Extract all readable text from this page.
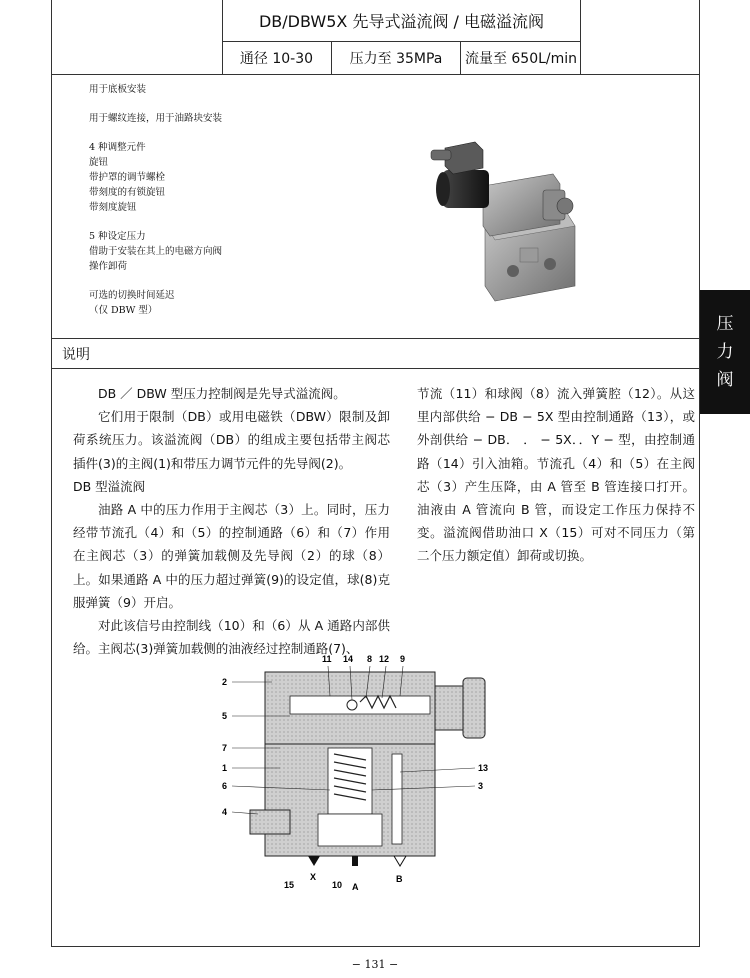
DB/DBW5X 先导式溢流阀 / 电磁溢流阀
通径 10-30	压力至 35MPa	流量至 650L/min
用于底板安装
用于螺纹连接，用于油路块安装
4 种调整元件
旋钮
带护罩的调节螺栓
带刻度的有锁旋钮
带刻度旋钮
5 种设定压力
借助于安装在其上的电磁方向阀
操作卸荷
可选的切换时间延迟
（仅 DBW 型）
压
力
阀
说明

DB ／ DBW 型压力控制阀是先导式溢流阀。

它们用于限制（DB）或用电磁铁（DBW）限制及卸荷系统压力。该溢流阀（DB）的组成主要包括带主阀芯插件(3)的主阀(1)和带压力调节元件的先导阀(2)。

DB 型溢流阀

油路 A 中的压力作用于主阀芯（3）上。同时，压力经带节流孔（4）和（5）的控制通路（6）和（7）作用在主阀芯（3）的弹簧加载侧及先导阀（2）的球（8）上。如果通路 A 中的压力超过弹簧(9)的设定值，球(8)克服弹簧（9）开启。

对此该信号由控制线（10）和（6）从 A 通路内部供给。主阀芯(3)弹簧加载侧的油液经过控制通路(7)、

节流（11）和球阀（8）流入弹簧腔（12）。从这里内部供给 − DB − 5X 型由控制通路（13），或外剖供给 − DB． ． − 5X．．Y − 型，由控制通路（14）引入油箱。节流孔（4）和（5）在主阀芯（3）产生压降，由 A 管至 B 管连接口打开。油液由 A 管流向 B 管，而设定工作压力保持不变。溢流阀借助油口 X（15）可对不同压力（第二个压力额定值）卸荷或切换。

11 14 8 12 9
2
5
7
1
6
4
13
3
15
X
10 A
B
− 131 −
